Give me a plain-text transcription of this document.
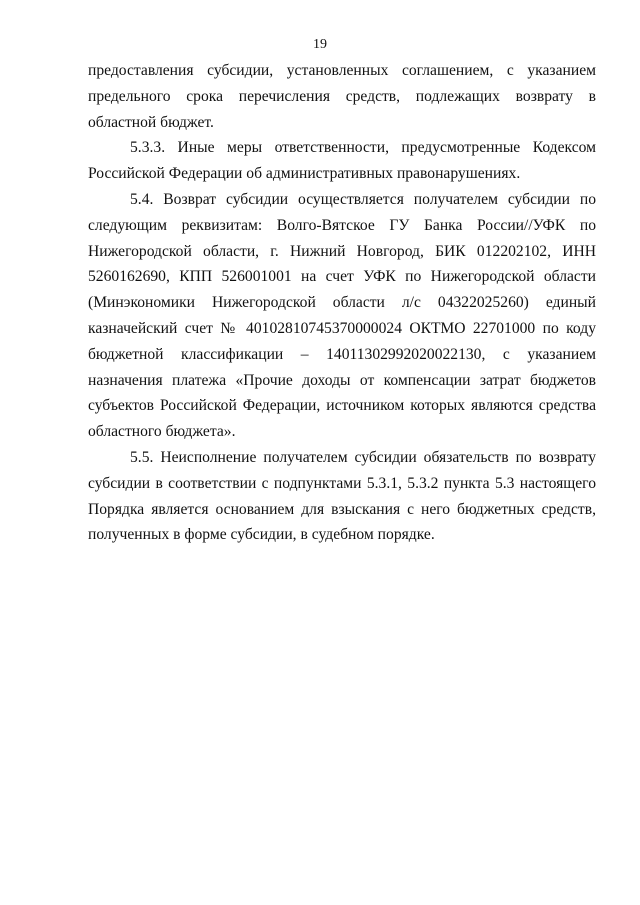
19

предоставления субсидии, установленных соглашением, с указанием предельного срока перечисления средств, подлежащих возврату в областной бюджет.

5.3.3. Иные меры ответственности, предусмотренные Кодексом Российской Федерации об административных правонарушениях.

5.4. Возврат субсидии осуществляется получателем субсидии по следующим реквизитам: Волго-Вятское ГУ Банка России//УФК по Нижегородской области, г. Нижний Новгород, БИК 012202102, ИНН 5260162690, КПП 526001001 на счет УФК по Нижегородской области (Минэкономики Нижегородской области л/с 04322025260) единый казначейский счет № 40102810745370000024 ОКТМО 22701000 по коду бюджетной классификации – 14011302992020022130, с указанием назначения платежа «Прочие доходы от компенсации затрат бюджетов субъектов Российской Федерации, источником которых являются средства областного бюджета».

5.5. Неисполнение получателем субсидии обязательств по возврату субсидии в соответствии с подпунктами 5.3.1, 5.3.2 пункта 5.3 настоящего Порядка является основанием для взыскания с него бюджетных средств, полученных в форме субсидии, в судебном порядке.
